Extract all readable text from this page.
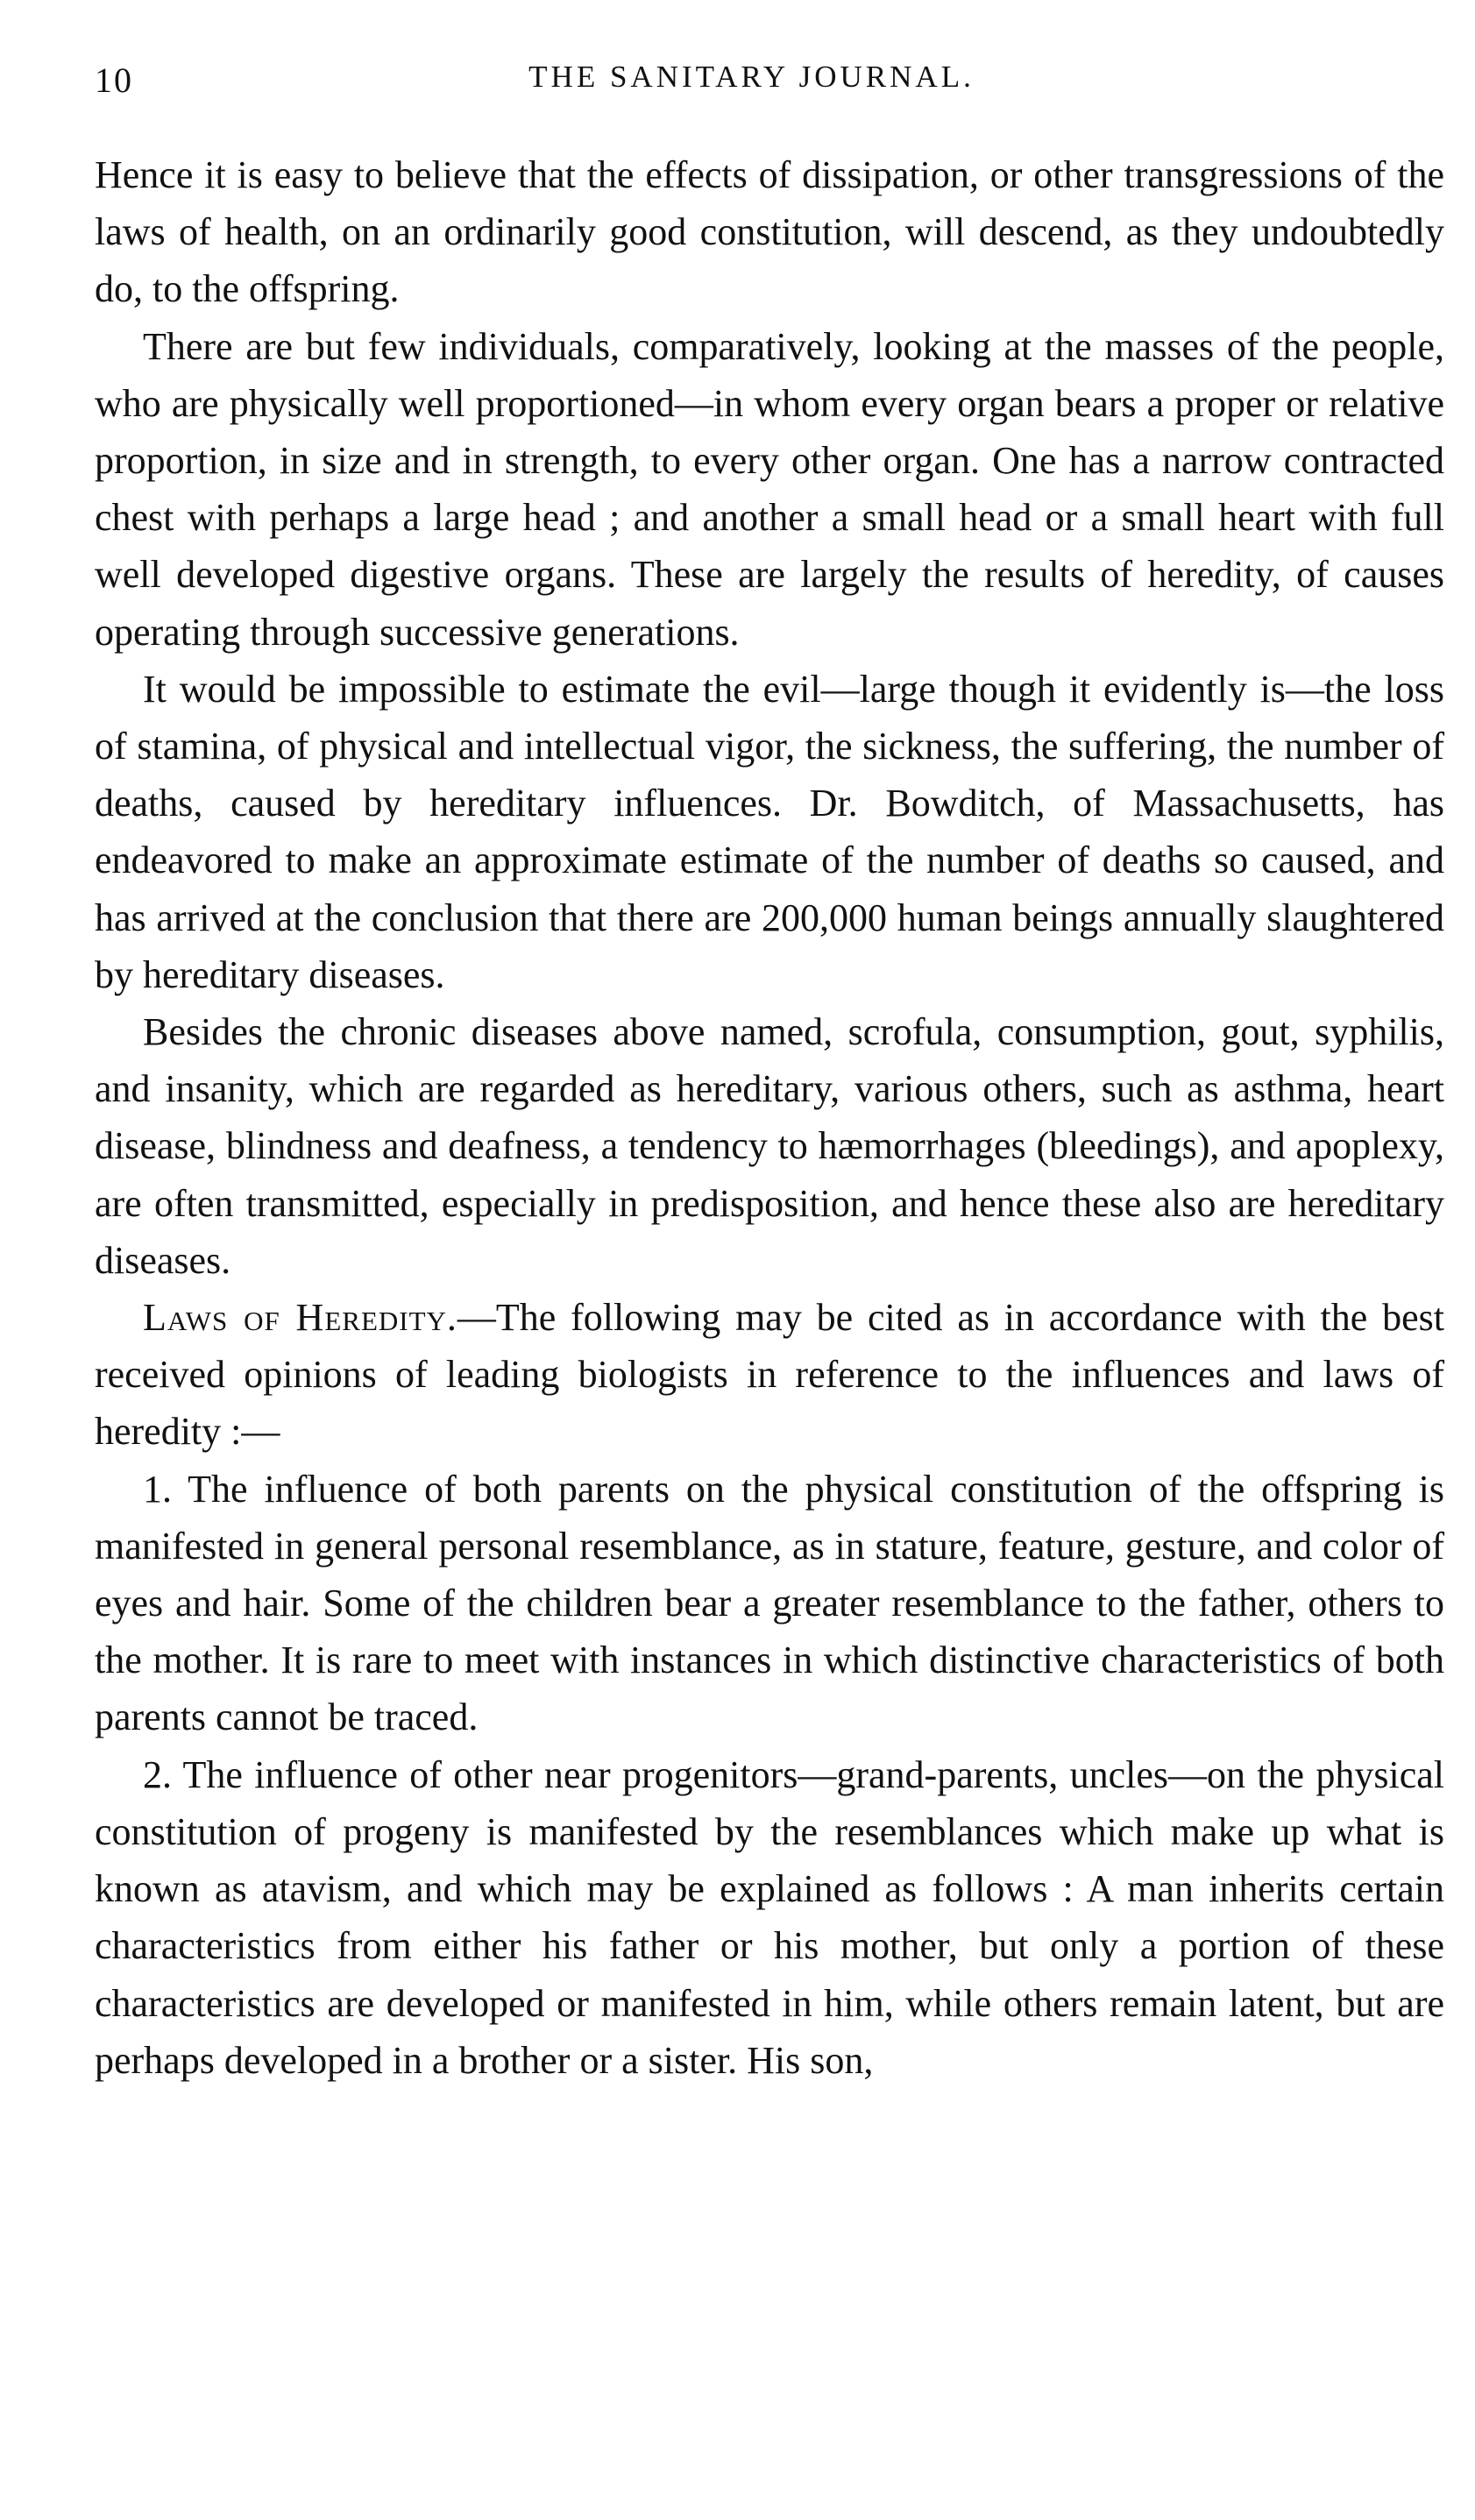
10	THE SANITARY JOURNAL.

Hence it is easy to believe that the effects of dissipation, or other transgressions of the laws of health, on an ordinarily good constitution, will descend, as they undoubtedly do, to the offspring.

There are but few individuals, comparatively, looking at the masses of the people, who are physically well proportioned—in whom every organ bears a proper or relative proportion, in size and in strength, to every other organ. One has a narrow contracted chest with perhaps a large head ; and another a small head or a small heart with full well developed digestive organs. These are largely the results of heredity, of causes operating through successive generations.

It would be impossible to estimate the evil—large though it evidently is—the loss of stamina, of physical and intellectual vigor, the sickness, the suffering, the number of deaths, caused by hereditary influences. Dr. Bowditch, of Massachusetts, has endeavored to make an approximate estimate of the number of deaths so caused, and has arrived at the conclusion that there are 200,000 human beings annually slaughtered by hereditary diseases.

Besides the chronic diseases above named, scrofula, consumption, gout, syphilis, and insanity, which are regarded as hereditary, various others, such as asthma, heart disease, blindness and deafness, a tendency to hæmorrhages (bleedings), and apoplexy, are often transmitted, especially in predisposition, and hence these also are hereditary diseases.

Laws of Heredity.—The following may be cited as in accordance with the best received opinions of leading biologists in reference to the influences and laws of heredity :—

1. The influence of both parents on the physical constitution of the offspring is manifested in general personal resemblance, as in stature, feature, gesture, and color of eyes and hair. Some of the children bear a greater resemblance to the father, others to the mother. It is rare to meet with instances in which distinctive characteristics of both parents cannot be traced.

2. The influence of other near progenitors—grand-parents, uncles—on the physical constitution of progeny is manifested by the resemblances which make up what is known as atavism, and which may be explained as follows : A man inherits certain characteristics from either his father or his mother, but only a portion of these characteristics are developed or manifested in him, while others remain latent, but are perhaps developed in a brother or a sister. His son,
